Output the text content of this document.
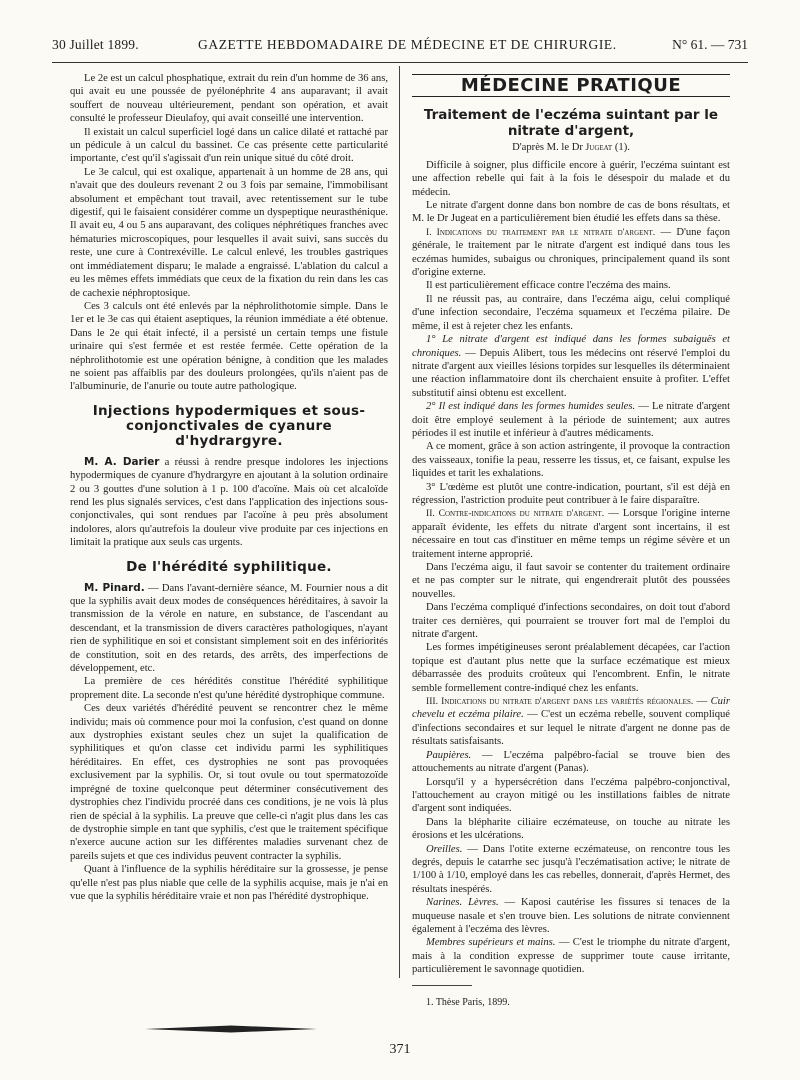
30 Juillet 1899.	GAZETTE HEBDOMADAIRE DE MÉDECINE ET DE CHIRURGIE.	N° 61. — 731

Le 2e est un calcul phosphatique, extrait du rein d'un homme de 36 ans, qui avait eu une poussée de pyélonéphrite 4 ans auparavant; il avait souffert de nouveau ultérieurement, pendant son opération, et avait consulté le professeur Dieulafoy, qui avait conseillé une intervention.

Il existait un calcul superficiel logé dans un calice dilaté et rattaché par un pédicule à un calcul du bassinet. Ce cas présente cette particularité importante, c'est qu'il s'agissait d'un rein unique situé du côté droit.

Le 3e calcul, qui est oxalique, appartenait à un homme de 28 ans, qui n'avait que des douleurs revenant 2 ou 3 fois par semaine, l'immobilisant absolument et empêchant tout travail, avec retentissement sur le tube digestif, qui le faisaient considérer comme un dyspeptique neurasthénique. Il avait eu, 4 ou 5 ans auparavant, des coliques néphrétiques franches avec hématuries microscopiques, pour lesquelles il avait suivi, sans succès du reste, une cure à Contrexéville. Le calcul enlevé, les troubles gastriques ont immédiatement disparu; le malade a engraissé. L'ablation du calcul a eu les mêmes effets immédiats que ceux de la fixation du rein dans les cas de cachexie néphroptosique.

Ces 3 calculs ont été enlevés par la néphrolithotomie simple. Dans le 1er et le 3e cas qui étaient aseptiques, la réunion immédiate a été obtenue. Dans le 2e qui était infecté, il a persisté un certain temps une fistule urinaire qui s'est fermée et est restée fermée. Cette opération de la néphrolithotomie est une opération bénigne, à condition que les malades ne soient pas affaiblis par des douleurs prolongées, qu'ils n'aient pas de l'albuminurie, de l'anurie ou toute autre pathologique.

Injections hypodermiques et sous-conjonctivales de cyanure d'hydrargyre.

M. A. Darier a réussi à rendre presque indolores les injections hypodermiques de cyanure d'hydrargyre en ajoutant à la solution ordinaire 2 ou 3 gouttes d'une solution à 1 p. 100 d'acoïne. Mais où cet alcaloïde rend les plus signalés services, c'est dans l'application des injections sous-conjonctivales, qui sont rendues par l'acoïne à peu près absolument indolores, alors qu'autrefois la douleur vive produite par ces injections en limitait la pratique aux seuls cas urgents.

De l'hérédité syphilitique.

M. Pinard. — Dans l'avant-dernière séance, M. Fournier nous a dit que la syphilis avait deux modes de conséquences héréditaires, à savoir la transmission de la vérole en nature, en substance, de l'ascendant au descendant, et la transmission de divers caractères pathologiques, n'ayant rien de syphilitique en soi et consistant simplement soit en des infériorités de constitution, soit en des retards, des arrêts, des imperfections de développement, etc.

La première de ces hérédités constitue l'hérédité syphilitique proprement dite. La seconde n'est qu'une hérédité dystrophique commune.

Ces deux variétés d'hérédité peuvent se rencontrer chez le même individu; mais où commence pour moi la confusion, c'est quand on donne aux dystrophies existant seules chez un sujet la qualification de syphilitiques et qu'on classe cet individu parmi les syphilitiques héréditaires. En effet, ces dystrophies ne sont pas provoquées exclusivement par la syphilis. Or, si tout ovule ou tout spermatozoïde imprégné de toxine quelconque peut déterminer consécutivement des dystrophies chez l'individu procréé dans ces conditions, je ne vois là plus rien de spécial à la syphilis. La preuve que celle-ci n'agit plus dans les cas de dystrophie simple en tant que syphilis, c'est que le traitement spécifique n'exerce aucune action sur les différentes maladies survenant chez de pareils sujets et que ces individus peuvent contracter la syphilis.

Quant à l'influence de la syphilis héréditaire sur la grossesse, je pense qu'elle n'est pas plus niable que celle de la syphilis acquise, mais je n'ai en vue que la syphilis héréditaire vraie et non pas l'hérédité dystrophique.

MÉDECINE PRATIQUE
Traitement de l'eczéma suintant par le nitrate d'argent,
D'après M. le Dr Jugeat (1).

Difficile à soigner, plus difficile encore à guérir, l'eczéma suintant est une affection rebelle qui fait à la fois le désespoir du malade et du médecin.

Le nitrate d'argent donne dans bon nombre de cas de bons résultats, et M. le Dr Jugeat en a particulièrement bien étudié les effets dans sa thèse.

I. Indications du traitement par le nitrate d'argent. — D'une façon générale, le traitement par le nitrate d'argent est indiqué dans tous les eczémas humides, subaigus ou chroniques, principalement quand ils sont d'origine externe.

Il est particulièrement efficace contre l'eczéma des mains.

Il ne réussit pas, au contraire, dans l'eczéma aigu, celui compliqué d'une infection secondaire, l'eczéma squameux et l'eczéma pilaire. De même, il est à rejeter chez les enfants.

1° Le nitrate d'argent est indiqué dans les formes subaiguës et chroniques. — Depuis Alibert, tous les médecins ont réservé l'emploi du nitrate d'argent aux vieilles lésions torpides sur lesquelles ils déterminaient une réaction inflammatoire dont ils cherchaient ensuite à profiter. L'effet substitutif ainsi obtenu est excellent.

2° Il est indiqué dans les formes humides seules. — Le nitrate d'argent doit être employé seulement à la période de suintement; aux autres périodes il est inutile et inférieur à d'autres médicaments.

A ce moment, grâce à son action astringente, il provoque la contraction des vaisseaux, tonifie la peau, resserre les tissus, et, ce faisant, expulse les liquides et tarit les exhalations.

3° L'œdème est plutôt une contre-indication, pourtant, s'il est déjà en régression, l'astriction produite peut contribuer à le faire disparaître.

II. Contre-indications du nitrate d'argent. — Lorsque l'origine interne apparaît évidente, les effets du nitrate d'argent sont incertains, il est nécessaire en tout cas d'instituer en même temps un régime sévère et un traitement interne approprié.

Dans l'eczéma aigu, il faut savoir se contenter du traitement ordinaire et ne pas compter sur le nitrate, qui engendrerait plutôt des poussées nouvelles.

Dans l'eczéma compliqué d'infections secondaires, on doit tout d'abord traiter ces dernières, qui pourraient se trouver fort mal de l'emploi du nitrate d'argent.

Les formes impétigineuses seront préalablement décapées, car l'action topique est d'autant plus nette que la surface eczématique est mieux débarrassée des produits croûteux qui l'encombrent. Enfin, le nitrate semble formellement contre-indiqué chez les enfants.

III. Indications du nitrate d'argent dans les variétés régionales. — Cuir chevelu et eczéma pilaire. — C'est un eczéma rebelle, souvent compliqué d'infections secondaires et sur lequel le nitrate d'argent ne donne pas de résultats satisfaisants.

Paupières. — L'eczéma palpébro-facial se trouve bien des attouchements au nitrate d'argent (Panas).

Lorsqu'il y a hypersécrétion dans l'eczéma palpébro-conjonctival, l'attouchement au crayon mitigé ou les instillations faibles de nitrate d'argent sont indiquées.

Dans la blépharite ciliaire eczémateuse, on touche au nitrate les érosions et les ulcérations.

Oreilles. — Dans l'otite externe eczémateuse, on rencontre tous les degrés, depuis le catarrhe sec jusqu'à l'eczématisation active; le nitrate de 1/100 à 1/10, employé dans les cas rebelles, donnerait, d'après Hermet, des résultats inespérés.

Narines. Lèvres. — Kaposi cautérise les fissures si tenaces de la muqueuse nasale et s'en trouve bien. Les solutions de nitrate conviennent également à l'eczéma des lèvres.

Membres supérieurs et mains. — C'est le triomphe du nitrate d'argent, mais à la condition expresse de supprimer toute cause irritante, particulièrement le savonnage quotidien.

1. Thèse Paris, 1899.

371
